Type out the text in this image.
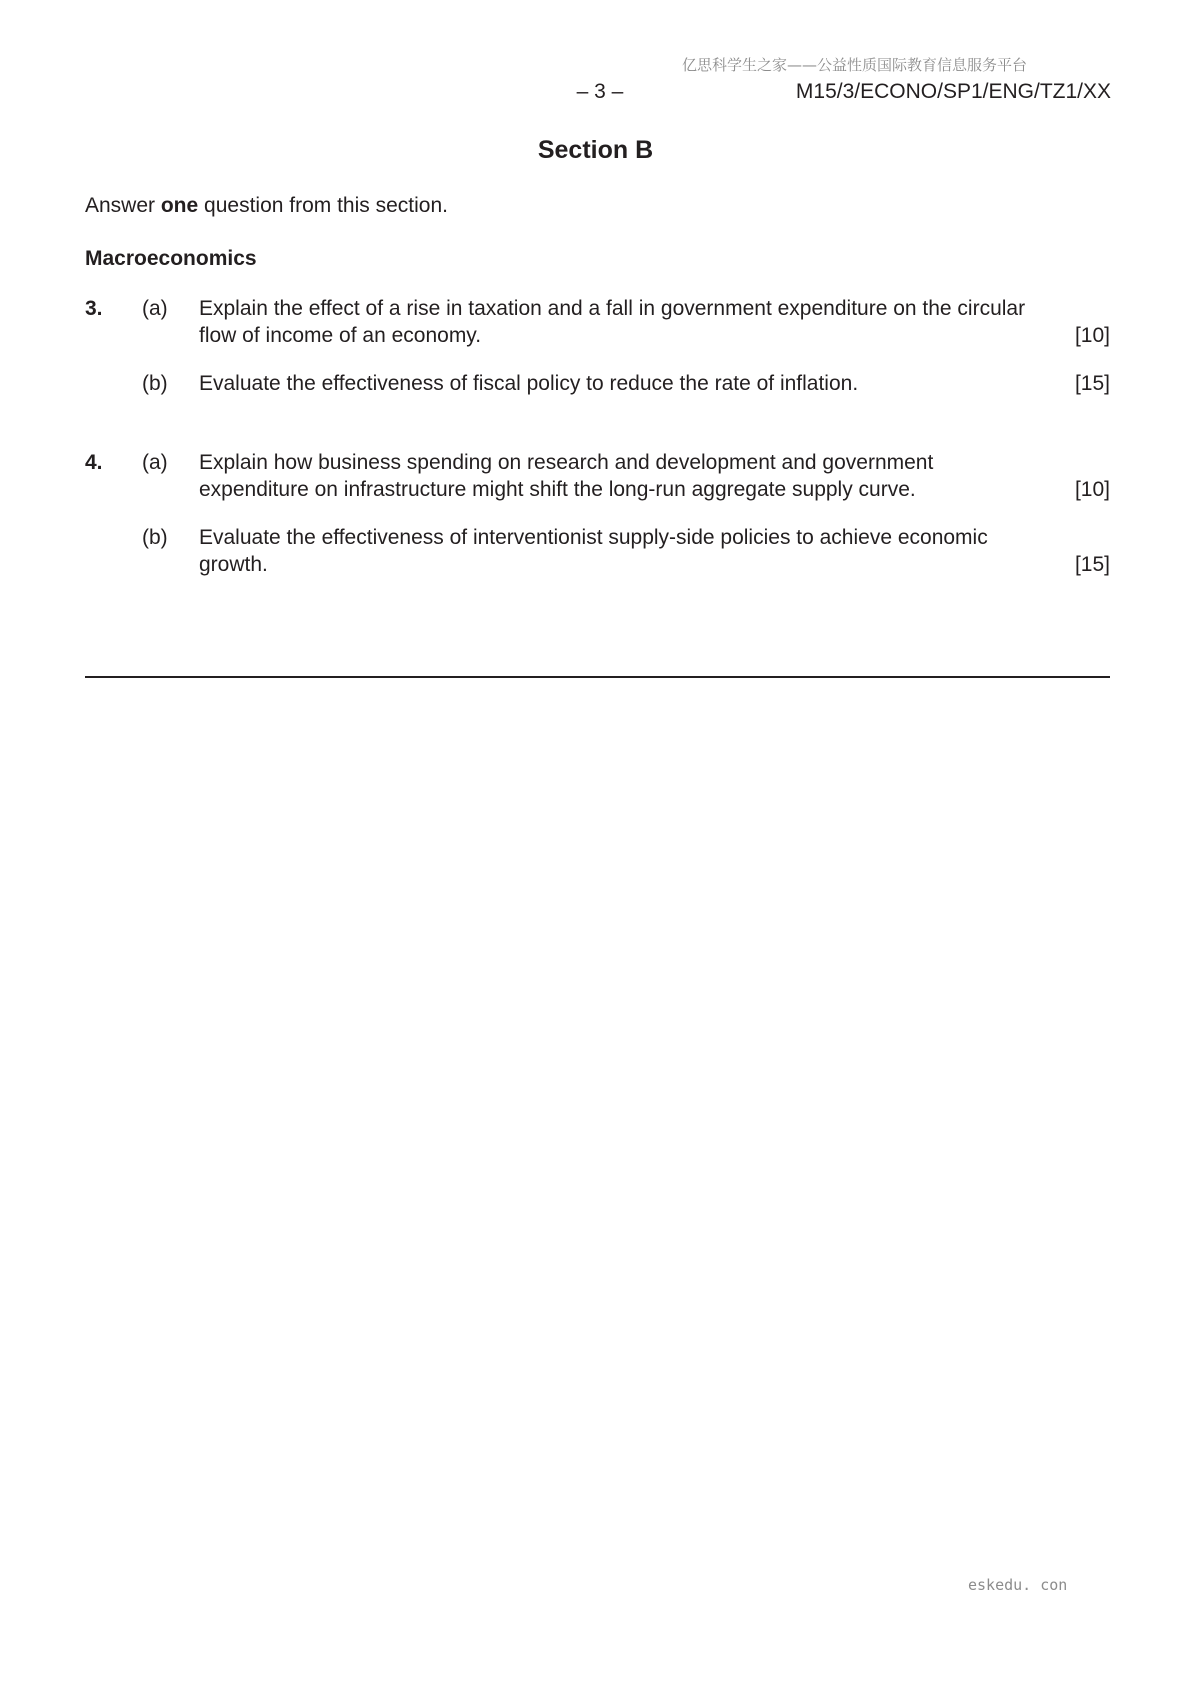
亿思科学生之家——公益性质国际教育信息服务平台
– 3 –	M15/3/ECONO/SP1/ENG/TZ1/XX
Section B
Answer one question from this section.
Macroeconomics
3. (a) Explain the effect of a rise in taxation and a fall in government expenditure on the circular flow of income of an economy.	[10]
(b) Evaluate the effectiveness of fiscal policy to reduce the rate of inflation.	[15]
4. (a) Explain how business spending on research and development and government expenditure on infrastructure might shift the long-run aggregate supply curve.	[10]
(b) Evaluate the effectiveness of interventionist supply-side policies to achieve economic growth.	[15]
eskedu. con
